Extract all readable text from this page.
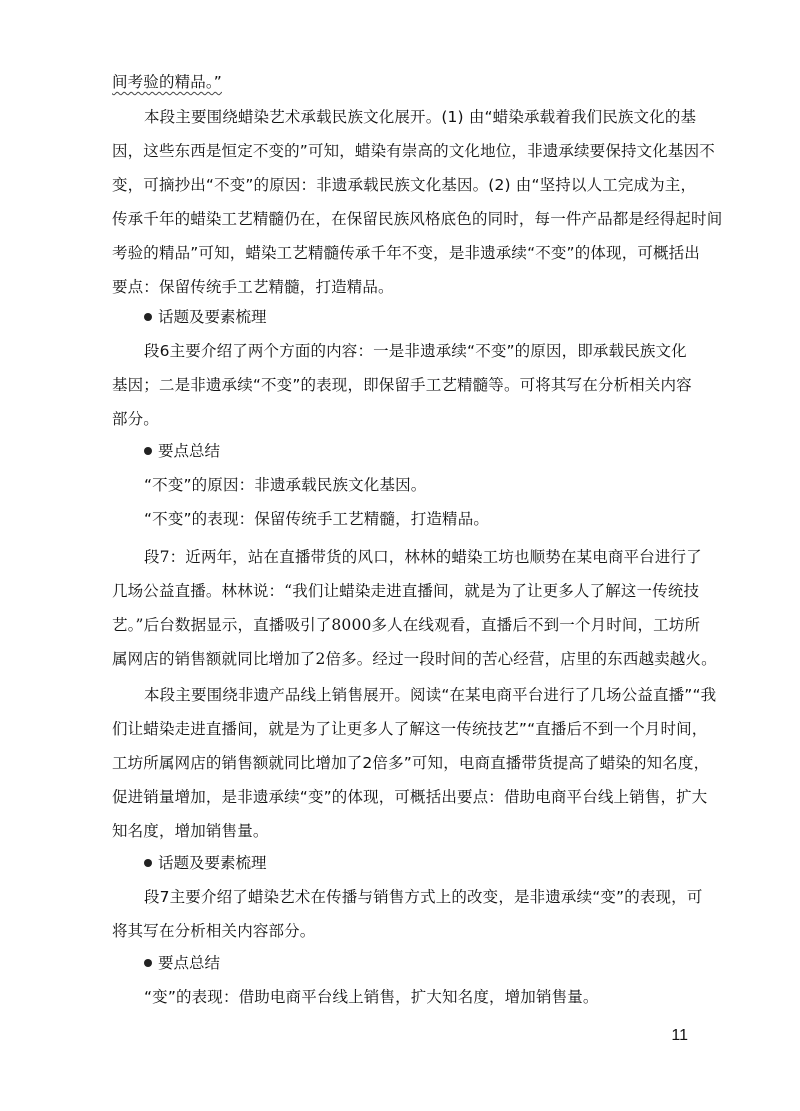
间考验的精品。”
本段主要围绕蜡染艺术承载民族文化展开。(1) 由“蜡染承载着我们民族文化的基
因，这些东西是恒定不变的”可知，蜡染有崇高的文化地位，非遗承续要保持文化基因不
变，可摘抄出“不变”的原因：非遗承载民族文化基因。(2) 由“坚持以人工完成为主，
传承千年的蜡染工艺精髓仍在，在保留民族风格底色的同时，每一件产品都是经得起时间
考验的精品”可知，蜡染工艺精髓传承千年不变，是非遗承续“不变”的体现，可概括出
要点：保留传统手工艺精髓，打造精品。
话题及要素梳理
段6主要介绍了两个方面的内容：一是非遗承续“不变”的原因，即承载民族文化
基因；二是非遗承续“不变”的表现，即保留手工艺精髓等。可将其写在分析相关内容
部分。
要点总结
“不变”的原因：非遗承载民族文化基因。
“不变”的表现：保留传统手工艺精髓，打造精品。
段7：近两年，站在直播带货的风口，林林的蜡染工坊也顺势在某电商平台进行了
几场公益直播。林林说：“我们让蜡染走进直播间，就是为了让更多人了解这一传统技
艺。”后台数据显示，直播吸引了8000多人在线观看，直播后不到一个月时间，工坊所
属网店的销售额就同比增加了2倍多。经过一段时间的苦心经营，店里的东西越卖越火。
本段主要围绕非遗产品线上销售展开。阅读“在某电商平台进行了几场公益直播”“我
们让蜡染走进直播间，就是为了让更多人了解这一传统技艺”“直播后不到一个月时间，
工坊所属网店的销售额就同比增加了2倍多”可知，电商直播带货提高了蜡染的知名度，
促进销量增加，是非遗承续“变”的体现，可概括出要点：借助电商平台线上销售，扩大
知名度，增加销售量。
话题及要素梳理
段7主要介绍了蜡染艺术在传播与销售方式上的改变，是非遗承续“变”的表现，可
将其写在分析相关内容部分。
要点总结
“变”的表现：借助电商平台线上销售，扩大知名度，增加销售量。
11
